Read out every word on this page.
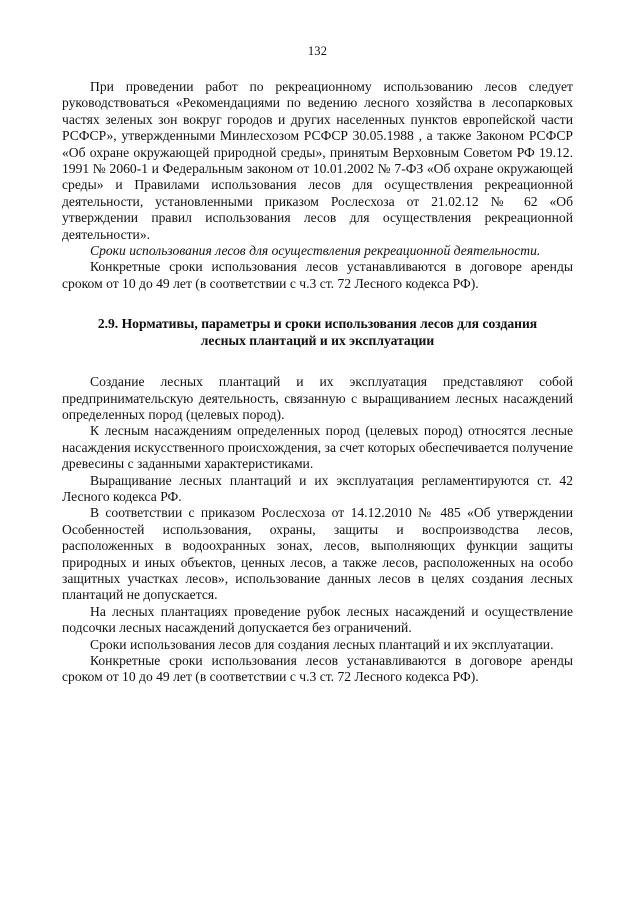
132

При проведении работ по рекреационному использованию лесов следует руководствоваться «Рекомендациями по ведению лесного хозяйства в лесопарковых частях зеленых зон вокруг городов и других населенных пунктов европейской части РСФСР», утвержденными Минлесхозом РСФСР 30.05.1988 , а также Законом РСФСР «Об охране окружающей природной среды», принятым Верховным Советом РФ 19.12. 1991 № 2060-1 и Федеральным законом от 10.01.2002 № 7-ФЗ «Об охране окружающей среды» и Правилами использования лесов для осуществления рекреационной деятельности, установленными приказом Рослесхоза от 21.02.12 № 62 «Об утверждении правил использования лесов для осуществления рекреационной деятельности».

Сроки использования лесов для осуществления рекреационной деятельности.

Конкретные сроки использования лесов устанавливаются в договоре аренды сроком от 10 до 49 лет (в соответствии с ч.3 ст. 72 Лесного кодекса РФ).

2.9. Нормативы, параметры и сроки использования лесов для создания
лесных плантаций и их эксплуатации

Создание лесных плантаций и их эксплуатация представляют собой предпринимательскую деятельность, связанную с выращиванием лесных насаждений определенных пород (целевых пород).

К лесным насаждениям определенных пород (целевых пород) относятся лесные насаждения искусственного происхождения, за счет которых обеспечивается получение древесины с заданными характеристиками.

Выращивание лесных плантаций и их эксплуатация регламентируются ст. 42 Лесного кодекса РФ.

В соответствии с приказом Рослесхоза от 14.12.2010 № 485 «Об утверждении Особенностей использования, охраны, защиты и воспроизводства лесов, расположенных в водоохранных зонах, лесов, выполняющих функции защиты природных и иных объектов, ценных лесов, а также лесов, расположенных на особо защитных участках лесов», использование данных лесов в целях создания лесных плантаций не допускается.

На лесных плантациях проведение рубок лесных насаждений и осуществление подсочки лесных насаждений допускается без ограничений.

Сроки использования лесов для создания лесных плантаций и их эксплуатации.

Конкретные сроки использования лесов устанавливаются в договоре аренды сроком от 10 до 49 лет (в соответствии с ч.3 ст. 72 Лесного кодекса РФ).
